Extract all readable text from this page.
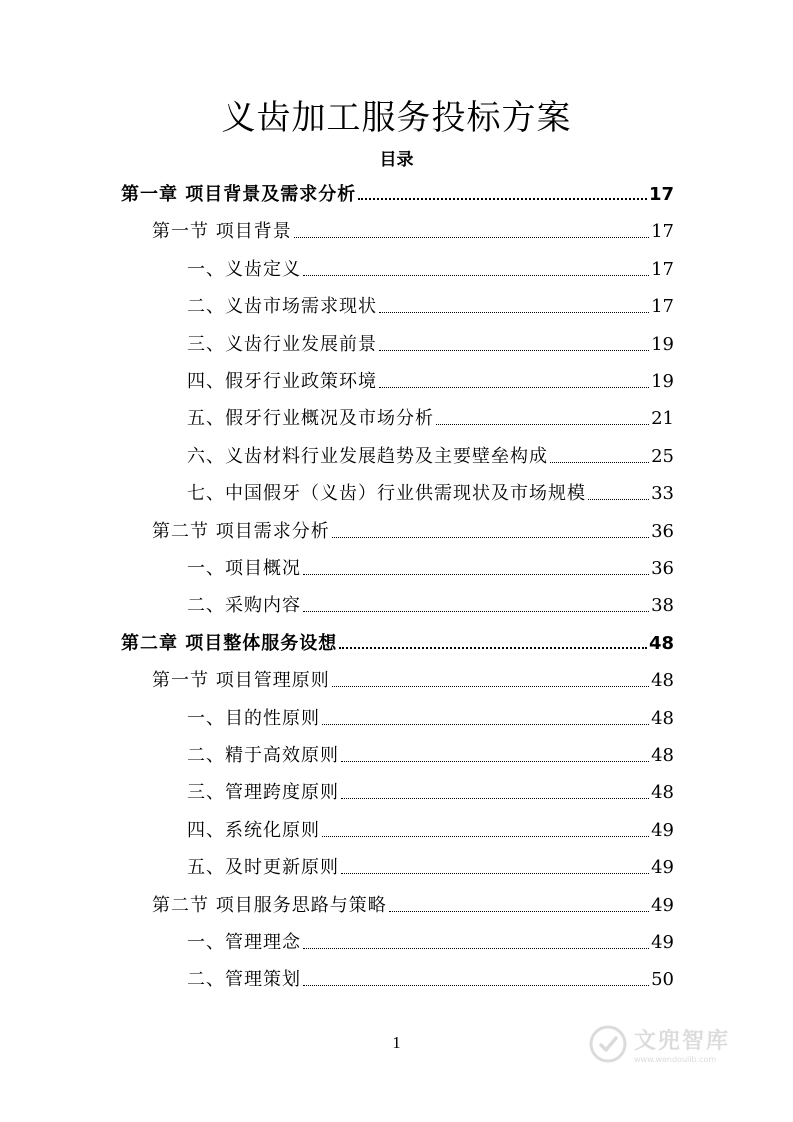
义齿加工服务投标方案
目录
第一章 项目背景及需求分析	17
第一节 项目背景	17
一、义齿定义	17
二、义齿市场需求现状	17
三、义齿行业发展前景	19
四、假牙行业政策环境	19
五、假牙行业概况及市场分析	21
六、义齿材料行业发展趋势及主要壁垒构成	25
七、中国假牙（义齿）行业供需现状及市场规模	33
第二节 项目需求分析	36
一、项目概况	36
二、采购内容	38
第二章 项目整体服务设想	48
第一节 项目管理原则	48
一、目的性原则	48
二、精于高效原则	48
三、管理跨度原则	48
四、系统化原则	49
五、及时更新原则	49
第二节 项目服务思路与策略	49
一、管理理念	49
二、管理策划	50
1	文兜智库
www.wendoulib.com
